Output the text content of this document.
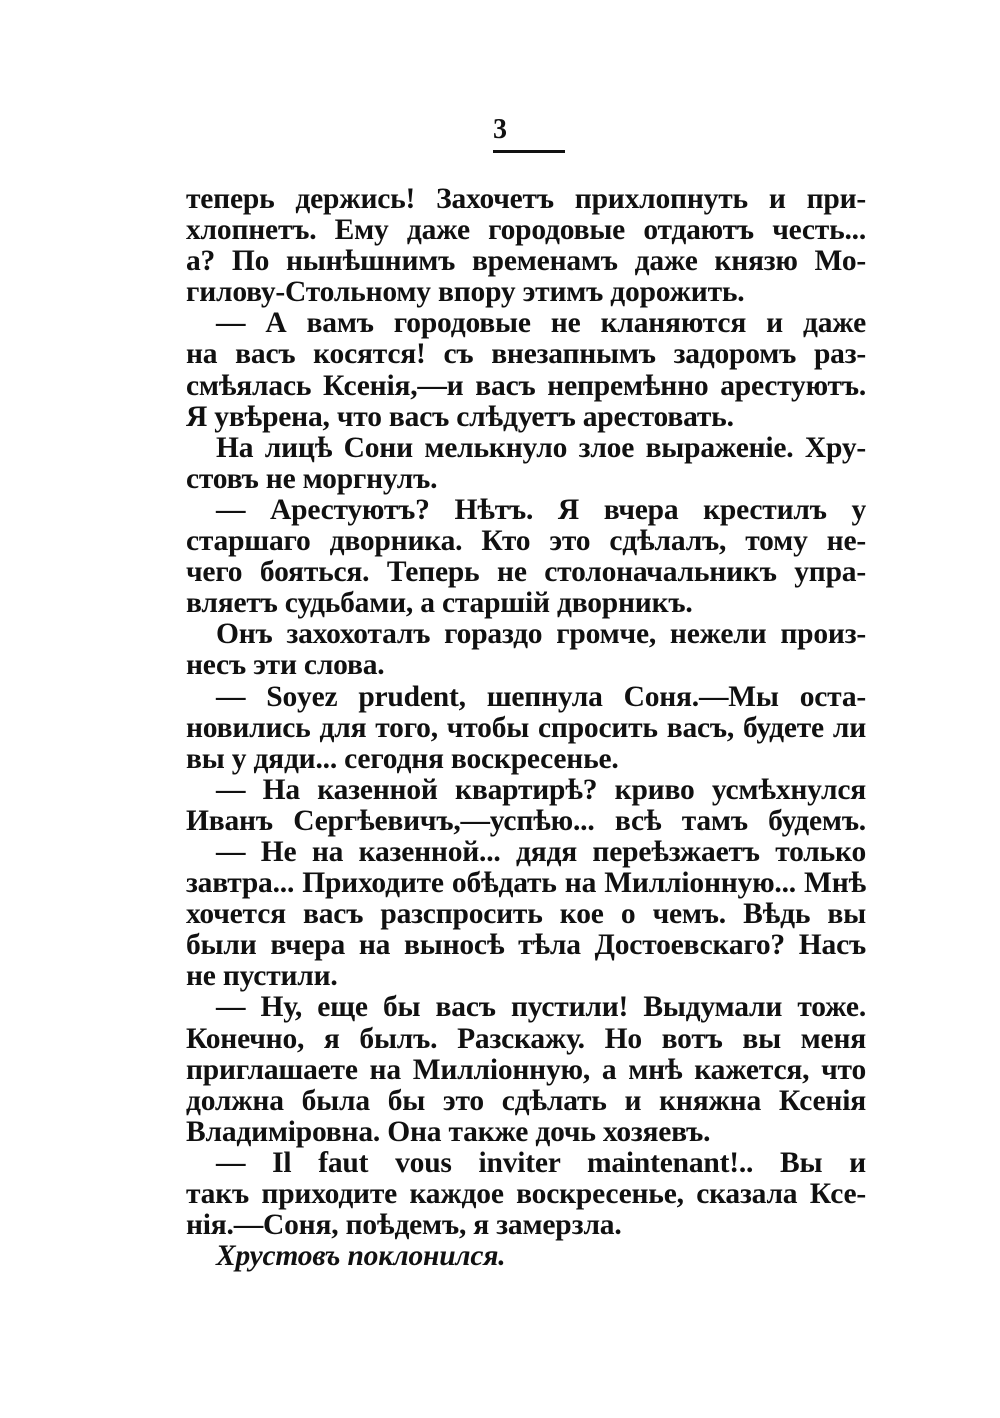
3
теперь держись! Захочетъ прихлопнуть и при-
хлопнетъ. Ему даже городовые отдаютъ честь...
а? По нынѣшнимъ временамъ даже князю Мо-
гилову-Стольному впору этимъ дорожить.
— А вамъ городовые не кланяются и даже
на васъ косятся! съ внезапнымъ задоромъ раз-
смѣялась Ксенія,—и васъ непремѣнно арестуютъ.
Я увѣрена, что васъ слѣдуетъ арестовать.
На лицѣ Сони мелькнуло злое выраженіе. Хру-
стовъ не моргнулъ.
— Арестуютъ? Нѣтъ. Я вчера крестилъ у
старшаго дворника. Кто это сдѣлалъ, тому не-
чего бояться. Теперь не столоначальникъ упра-
вляетъ судьбами, а старшій дворникъ.
Онъ захохоталъ гораздо громче, нежели произ-
несъ эти слова.
— Soyez prudent, шепнула Соня.—Мы оста-
новились для того, чтобы спросить васъ, будете ли
вы у дяди... сегодня воскресенье.
— На казенной квартирѣ? криво усмѣхнулся
Иванъ Сергѣевичъ,—успѣю... всѣ тамъ будемъ.
— Не на казенной... дядя переѣзжаетъ только
завтра... Приходите обѣдать на Милліонную... Мнѣ
хочется васъ разспросить кое о чемъ. Вѣдь вы
были вчера на выносѣ тѣла Достоевскаго? Насъ
не пустили.
— Ну, еще бы васъ пустили! Выдумали тоже.
Конечно, я былъ. Разскажу. Но вотъ вы меня
приглашаете на Милліонную, а мнѣ кажется, что
должна была бы это сдѣлать и княжна Ксенія
Владиміровна. Она также дочь хозяевъ.
— Il faut vous inviter maintenant!.. Вы и
такъ приходите каждое воскресенье, сказала Ксе-
нія.—Соня, поѣдемъ, я замерзла.
Хрустовъ поклонился.
